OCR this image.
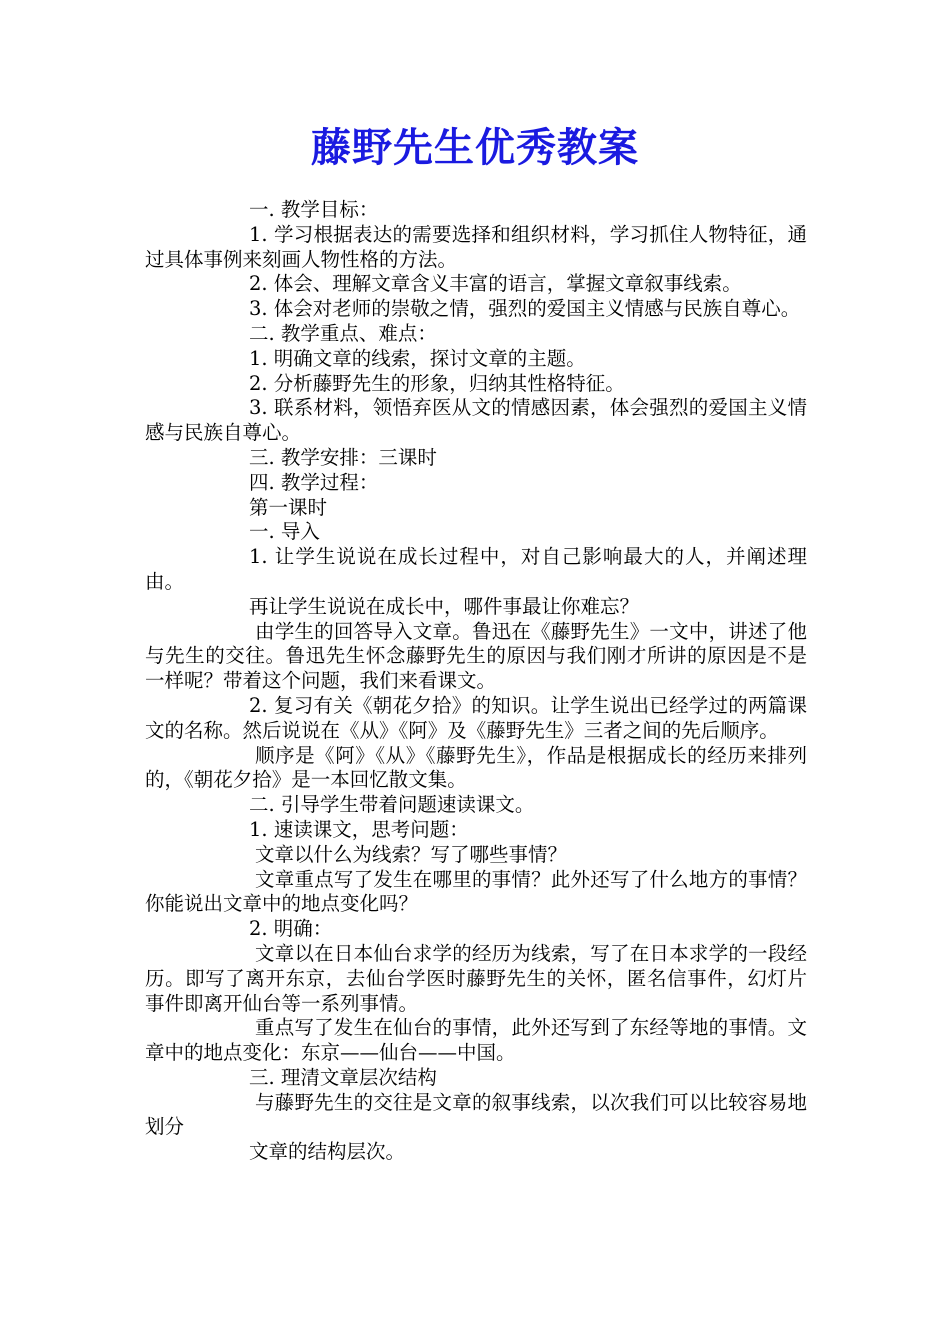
藤野先生优秀教案

一. 教学目标：

1. 学习根据表达的需要选择和组织材料，学习抓住人物特征，通过具体事例来刻画人物性格的方法。

2. 体会、理解文章含义丰富的语言，掌握文章叙事线索。

3. 体会对老师的崇敬之情，强烈的爱国主义情感与民族自尊心。

二. 教学重点、难点：

1. 明确文章的线索，探讨文章的主题。

2. 分析藤野先生的形象，归纳其性格特征。

3. 联系材料，领悟弃医从文的情感因素，体会强烈的爱国主义情感与民族自尊心。

三. 教学安排：三课时

四. 教学过程：

第一课时

一. 导入

1. 让学生说说在成长过程中，对自己影响最大的人，并阐述理由。

再让学生说说在成长中，哪件事最让你难忘？

由学生的回答导入文章。鲁迅在《藤野先生》一文中，讲述了他与先生的交往。鲁迅先生怀念藤野先生的原因与我们刚才所讲的原因是不是一样呢？带着这个问题，我们来看课文。

2. 复习有关《朝花夕拾》的知识。让学生说出已经学过的两篇课文的名称。然后说说在《从》《阿》及《藤野先生》三者之间的先后顺序。

顺序是《阿》《从》《藤野先生》，作品是根据成长的经历来排列的，《朝花夕拾》是一本回忆散文集。

二. 引导学生带着问题速读课文。

1. 速读课文，思考问题：

文章以什么为线索？写了哪些事情？

文章重点写了发生在哪里的事情？此外还写了什么地方的事情？你能说出文章中的地点变化吗？

2. 明确：

文章以在日本仙台求学的经历为线索，写了在日本求学的一段经历。即写了离开东京，去仙台学医时藤野先生的关怀，匿名信事件，幻灯片事件即离开仙台等一系列事情。

重点写了发生在仙台的事情，此外还写到了东经等地的事情。文章中的地点变化：东京——仙台——中国。

三. 理清文章层次结构

与藤野先生的交往是文章的叙事线索，以次我们可以比较容易地划分

文章的结构层次。
